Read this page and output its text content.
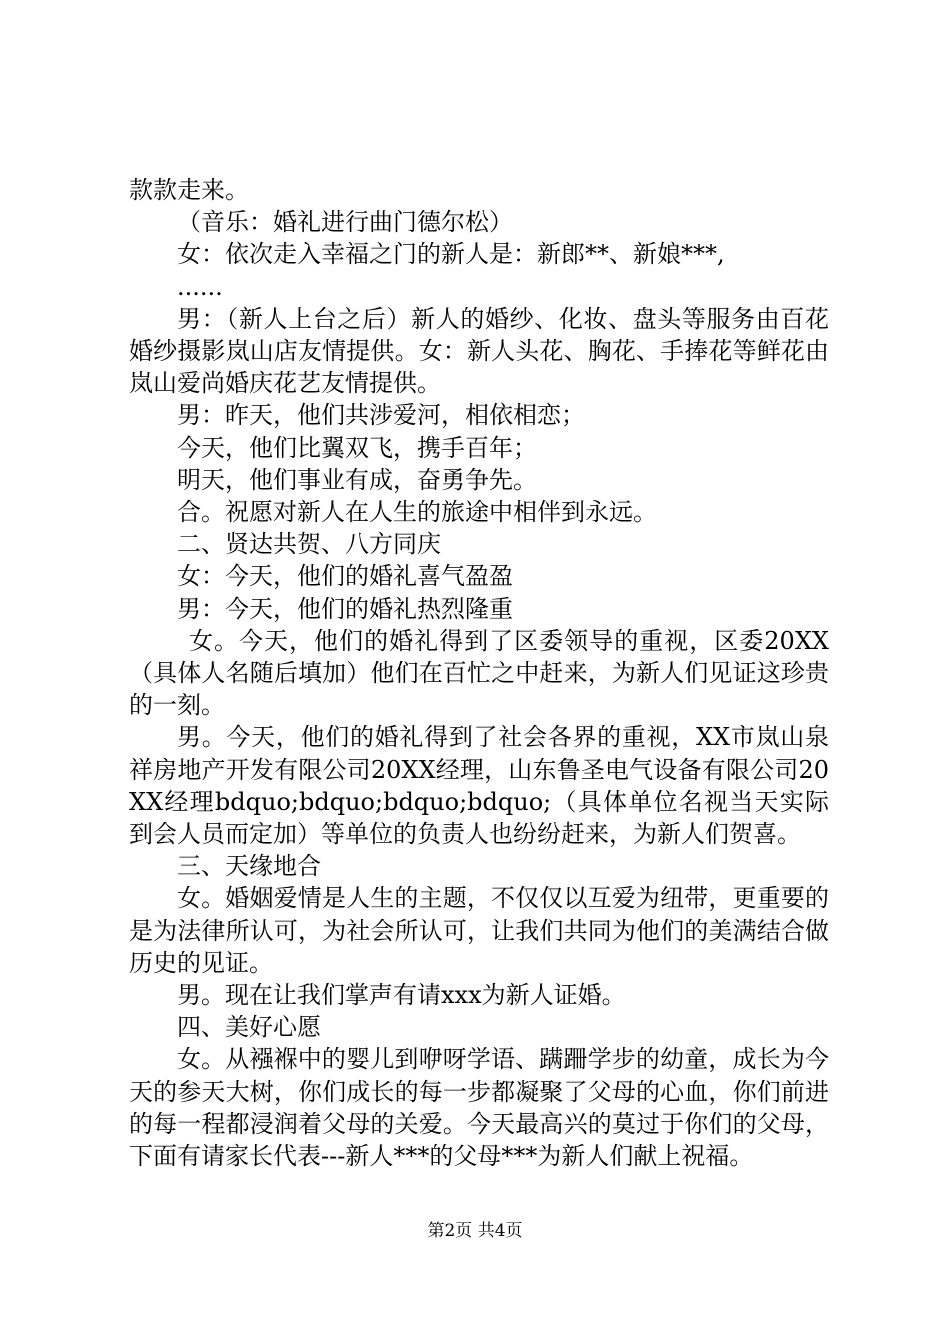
款款走来。

（音乐：婚礼进行曲门德尔松）

女：依次走入幸福之门的新人是：新郎**、新娘***,

......

男：（新人上台之后）新人的婚纱、化妆、盘头等服务由百花婚纱摄影岚山店友情提供。女：新人头花、胸花、手捧花等鲜花由岚山爱尚婚庆花艺友情提供。

男：昨天，他们共涉爱河，相依相恋；

今天，他们比翼双飞，携手百年；

明天，他们事业有成，奋勇争先。

合。祝愿对新人在人生的旅途中相伴到永远。

二、贤达共贺、八方同庆

女：今天，他们的婚礼喜气盈盈

男：今天，他们的婚礼热烈隆重

女。今天，他们的婚礼得到了区委领导的重视，区委20XX（具体人名随后填加）他们在百忙之中赶来，为新人们见证这珍贵的一刻。

男。今天，他们的婚礼得到了社会各界的重视，XX市岚山泉祥房地产开发有限公司20XX经理，山东鲁圣电气设备有限公司20XX经理bdquo;bdquo;bdquo;bdquo;（具体单位名视当天实际到会人员而定加）等单位的负责人也纷纷赶来，为新人们贺喜。

三、天缘地合

女。婚姻爱情是人生的主题，不仅仅以互爱为纽带，更重要的是为法律所认可，为社会所认可，让我们共同为他们的美满结合做历史的见证。

男。现在让我们掌声有请xxx为新人证婚。

四、美好心愿

女。从襁褓中的婴儿到咿呀学语、蹒跚学步的幼童，成长为今天的参天大树，你们成长的每一步都凝聚了父母的心血，你们前进的每一程都浸润着父母的关爱。今天最高兴的莫过于你们的父母，下面有请家长代表---新人***的父母***为新人们献上祝福。

第2页 共4页
